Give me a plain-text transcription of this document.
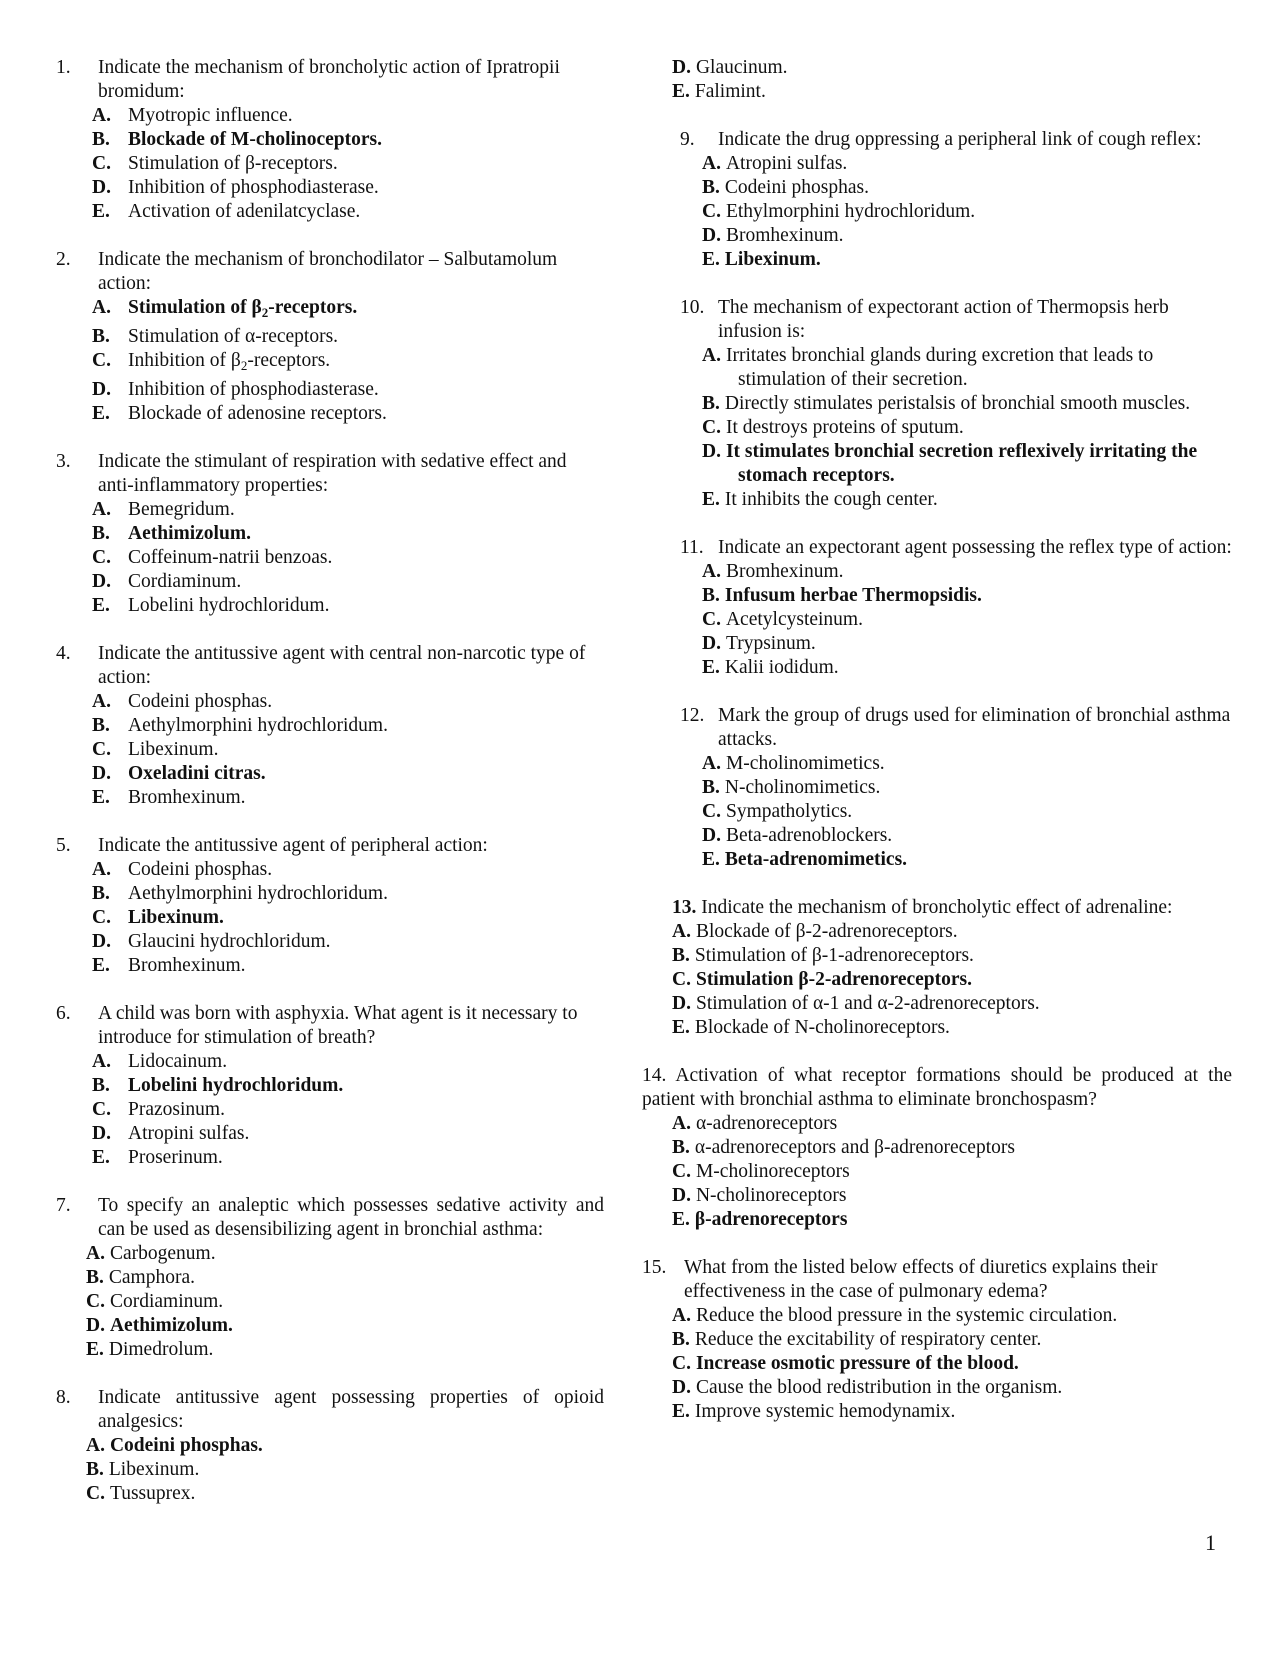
1. Indicate the mechanism of broncholytic action of Ipratropii bromidum:
A. Myotropic influence.
B. Blockade of M-cholinoceptors.
C. Stimulation of β-receptors.
D. Inhibition of phosphodiasterase.
E. Activation of adenilatcyclase.
2. Indicate the mechanism of bronchodilator – Salbutamolum action:
A. Stimulation of $\beta_2$-receptors.
B. Stimulation of α-receptors.
C. Inhibition of $\beta_2$-receptors.
D. Inhibition of phosphodiasterase.
E. Blockade of adenosine receptors.
3. Indicate the stimulant of respiration with sedative effect and anti-inflammatory properties:
A. Bemegridum.
B. Aethimizolum.
C. Coffeinum-natrii benzoas.
D. Cordiaminum.
E. Lobelini hydrochloridum.
4. Indicate the antitussive agent with central non-narcotic type of action:
A. Codeini phosphas.
B. Aethylmorphini hydrochloridum.
C. Libexinum.
D. Oxeladini citras.
E. Bromhexinum.
5. Indicate the antitussive agent of peripheral action:
A. Codeini phosphas.
B. Aethylmorphini hydrochloridum.
C. Libexinum.
D. Glaucini hydrochloridum.
E. Bromhexinum.
6. A child was born with asphyxia. What agent is it necessary to introduce for stimulation of breath?
A. Lidocainum.
B. Lobelini hydrochloridum.
C. Prazosinum.
D. Atropini sulfas.
E. Proserinum.
7. To specify an analeptic which possesses sedative activity and can be used as desensibilizing agent in bronchial asthma:
A. Carbogenum.
B. Camphora.
C. Cordiaminum.
D. Aethimizolum.
E. Dimedrolum.
8. Indicate antitussive agent possessing properties of opioid analgesics:
A. Codeini phosphas.
B. Libexinum.
C. Tussuprex.
D. Glaucinum.
E. Falimint.
9. Indicate the drug oppressing a peripheral link of cough reflex:
A. Atropini sulfas.
B. Codeini phosphas.
C. Ethylmorphini hydrochloridum.
D. Bromhexinum.
E. Libexinum.
10. The mechanism of expectorant action of Thermopsis herb infusion is:
A. Irritates bronchial glands during excretion that leads to stimulation of their secretion.
B. Directly stimulates peristalsis of bronchial smooth muscles.
C. It destroys proteins of sputum.
D. It stimulates bronchial secretion reflexively irritating the stomach receptors.
E. It inhibits the cough center.
11. Indicate an expectorant agent possessing the reflex type of action:
A. Bromhexinum.
B. Infusum herbae Thermopsidis.
C. Acetylcysteinum.
D. Trypsinum.
E. Kalii iodidum.
12. Mark the group of drugs used for elimination of bronchial asthma attacks.
A. M-cholinomimetics.
B. N-cholinomimetics.
C. Sympatholytics.
D. Beta-adrenoblockers.
E. Beta-adrenomimetics.
13. Indicate the mechanism of broncholytic effect of adrenaline:
A. Blockade of β-2-adrenoreceptors.
B. Stimulation of β-1-adrenoreceptors.
C. Stimulation β-2-adrenoreceptors.
D. Stimulation of α-1 and α-2-adrenoreceptors.
E. Blockade of N-cholinoreceptors.
14. Activation of what receptor formations should be produced at the patient with bronchial asthma to eliminate bronchospasm?
A. α-adrenoreceptors
B. α-adrenoreceptors and β-adrenoreceptors
C. M-cholinoreceptors
D. N-cholinoreceptors
E. β-adrenoreceptors
15. What from the listed below effects of diuretics explains their effectiveness in the case of pulmonary edema?
A. Reduce the blood pressure in the systemic circulation.
B. Reduce the excitability of respiratory center.
C. Increase osmotic pressure of the blood.
D. Cause the blood redistribution in the organism.
E. Improve systemic hemodynamix.
1
